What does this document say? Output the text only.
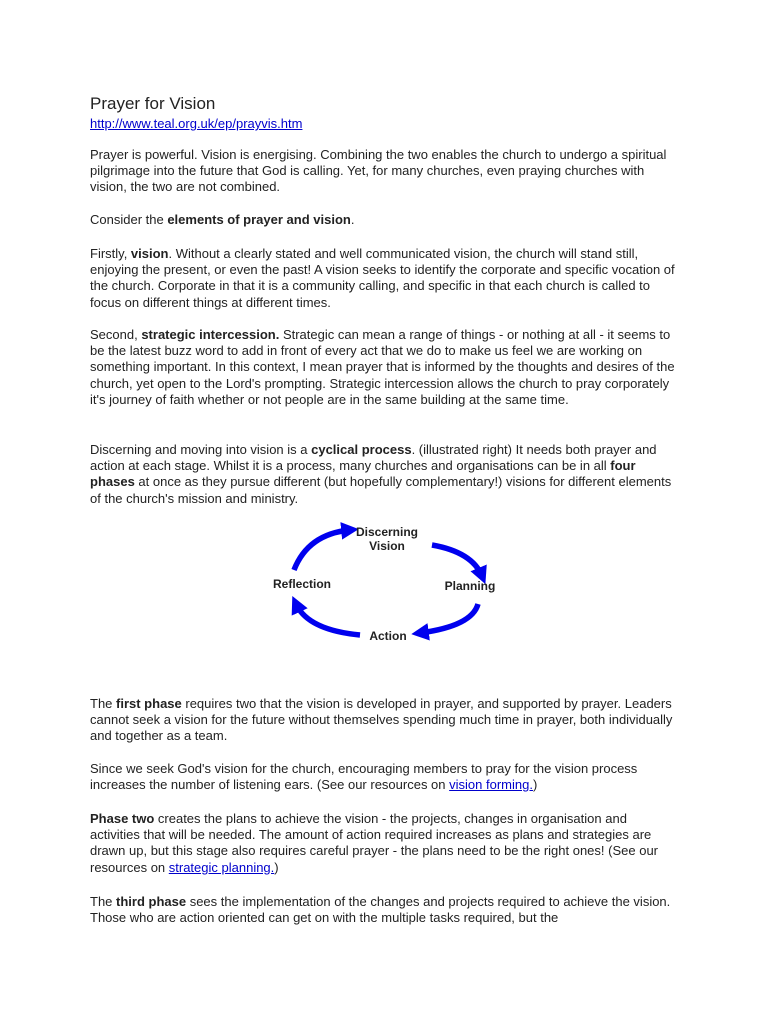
Prayer for Vision
http://www.teal.org.uk/ep/prayvis.htm

Prayer is powerful. Vision is energising. Combining the two enables the church to undergo a spiritual pilgrimage into the future that God is calling. Yet, for many churches, even praying churches with vision, the two are not combined.

Consider the elements of prayer and vision.

Firstly, vision. Without a clearly stated and well communicated vision, the church will stand still, enjoying the present, or even the past! A vision seeks to identify the corporate and specific vocation of the church. Corporate in that it is a community calling, and specific in that each church is called to focus on different things at different times.

Second, strategic intercession. Strategic can mean a range of things - or nothing at all - it seems to be the latest buzz word to add in front of every act that we do to make us feel we are working on something important. In this context, I mean prayer that is informed by the thoughts and desires of the church, yet open to the Lord's prompting. Strategic intercession allows the church to pray corporately it's journey of faith whether or not people are in the same building at the same time.

Discerning and moving into vision is a cyclical process. (illustrated right) It needs both prayer and action at each stage. Whilst it is a process, many churches and organisations can be in all four phases at once as they pursue different (but hopefully complementary!) visions for different elements of the church's mission and ministry.

The first phase requires two that the vision is developed in prayer, and supported by prayer. Leaders cannot seek a vision for the future without themselves spending much time in prayer, both individually and together as a team.

Since we seek God's vision for the church, encouraging members to pray for the vision process increases the number of listening ears. (See our resources on vision forming.)

Phase two creates the plans to achieve the vision - the projects, changes in organisation and activities that will be needed. The amount of action required increases as plans and strategies are drawn up, but this stage also requires careful prayer - the plans need to be the right ones! (See our resources on strategic planning.)

The third phase sees the implementation of the changes and projects required to achieve the vision. Those who are action oriented can get on with the multiple tasks required, but the

Discerning
Vision
Planning
Action
Reflection
